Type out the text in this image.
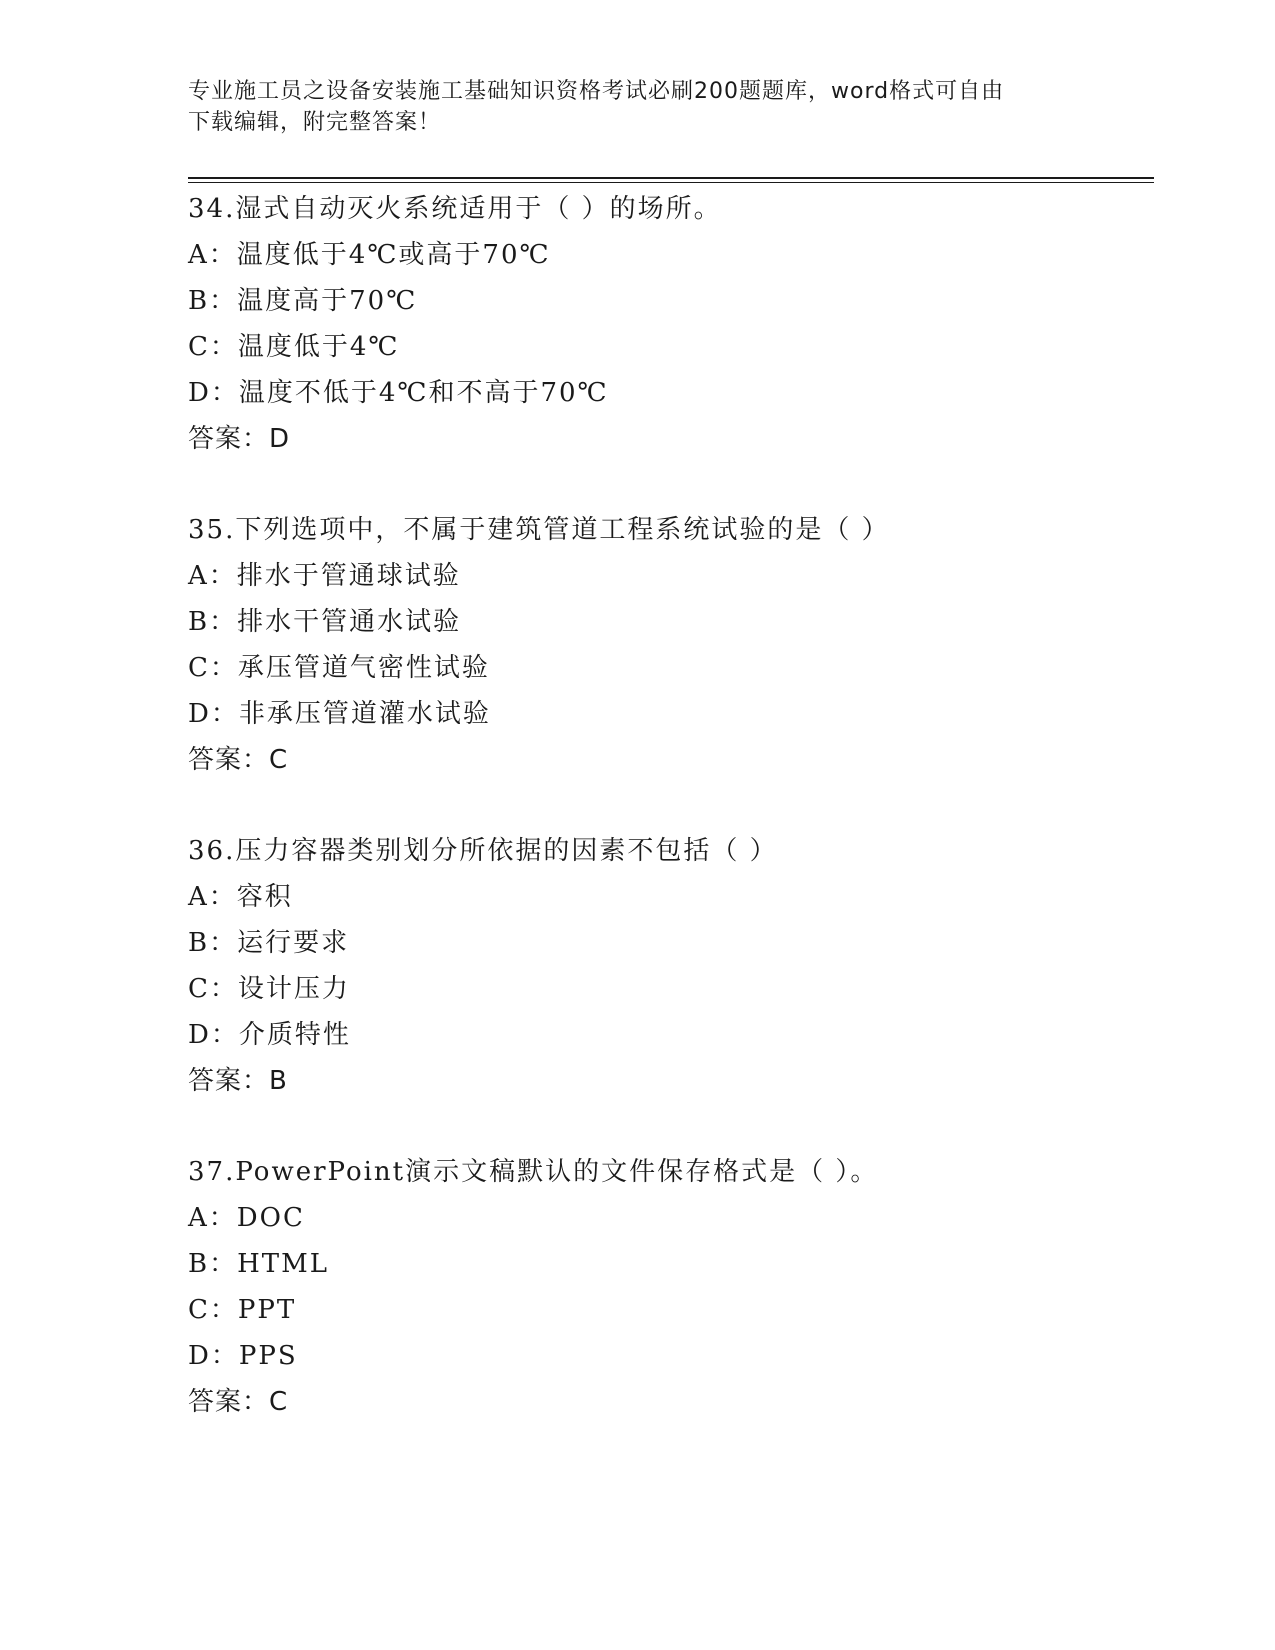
专业施工员之设备安装施工基础知识资格考试必刷200题题库，word格式可自由
下载编辑，附完整答案！
34.湿式自动灭火系统适用于（ ）的场所。
A：温度低于4℃或高于70℃
B：温度高于70℃
C：温度低于4℃
D：温度不低于4℃和不高于70℃
答案：D
35.下列选项中，不属于建筑管道工程系统试验的是（ ）
A：排水于管通球试验
B：排水干管通水试验
C：承压管道气密性试验
D：非承压管道灌水试验
答案：C
36.压力容器类别划分所依据的因素不包括（ ）
A：容积
B：运行要求
C：设计压力
D：介质特性
答案：B
37.PowerPoint演示文稿默认的文件保存格式是（ ）。
A：DOC
B：HTML
C：PPT
D：PPS
答案：C
